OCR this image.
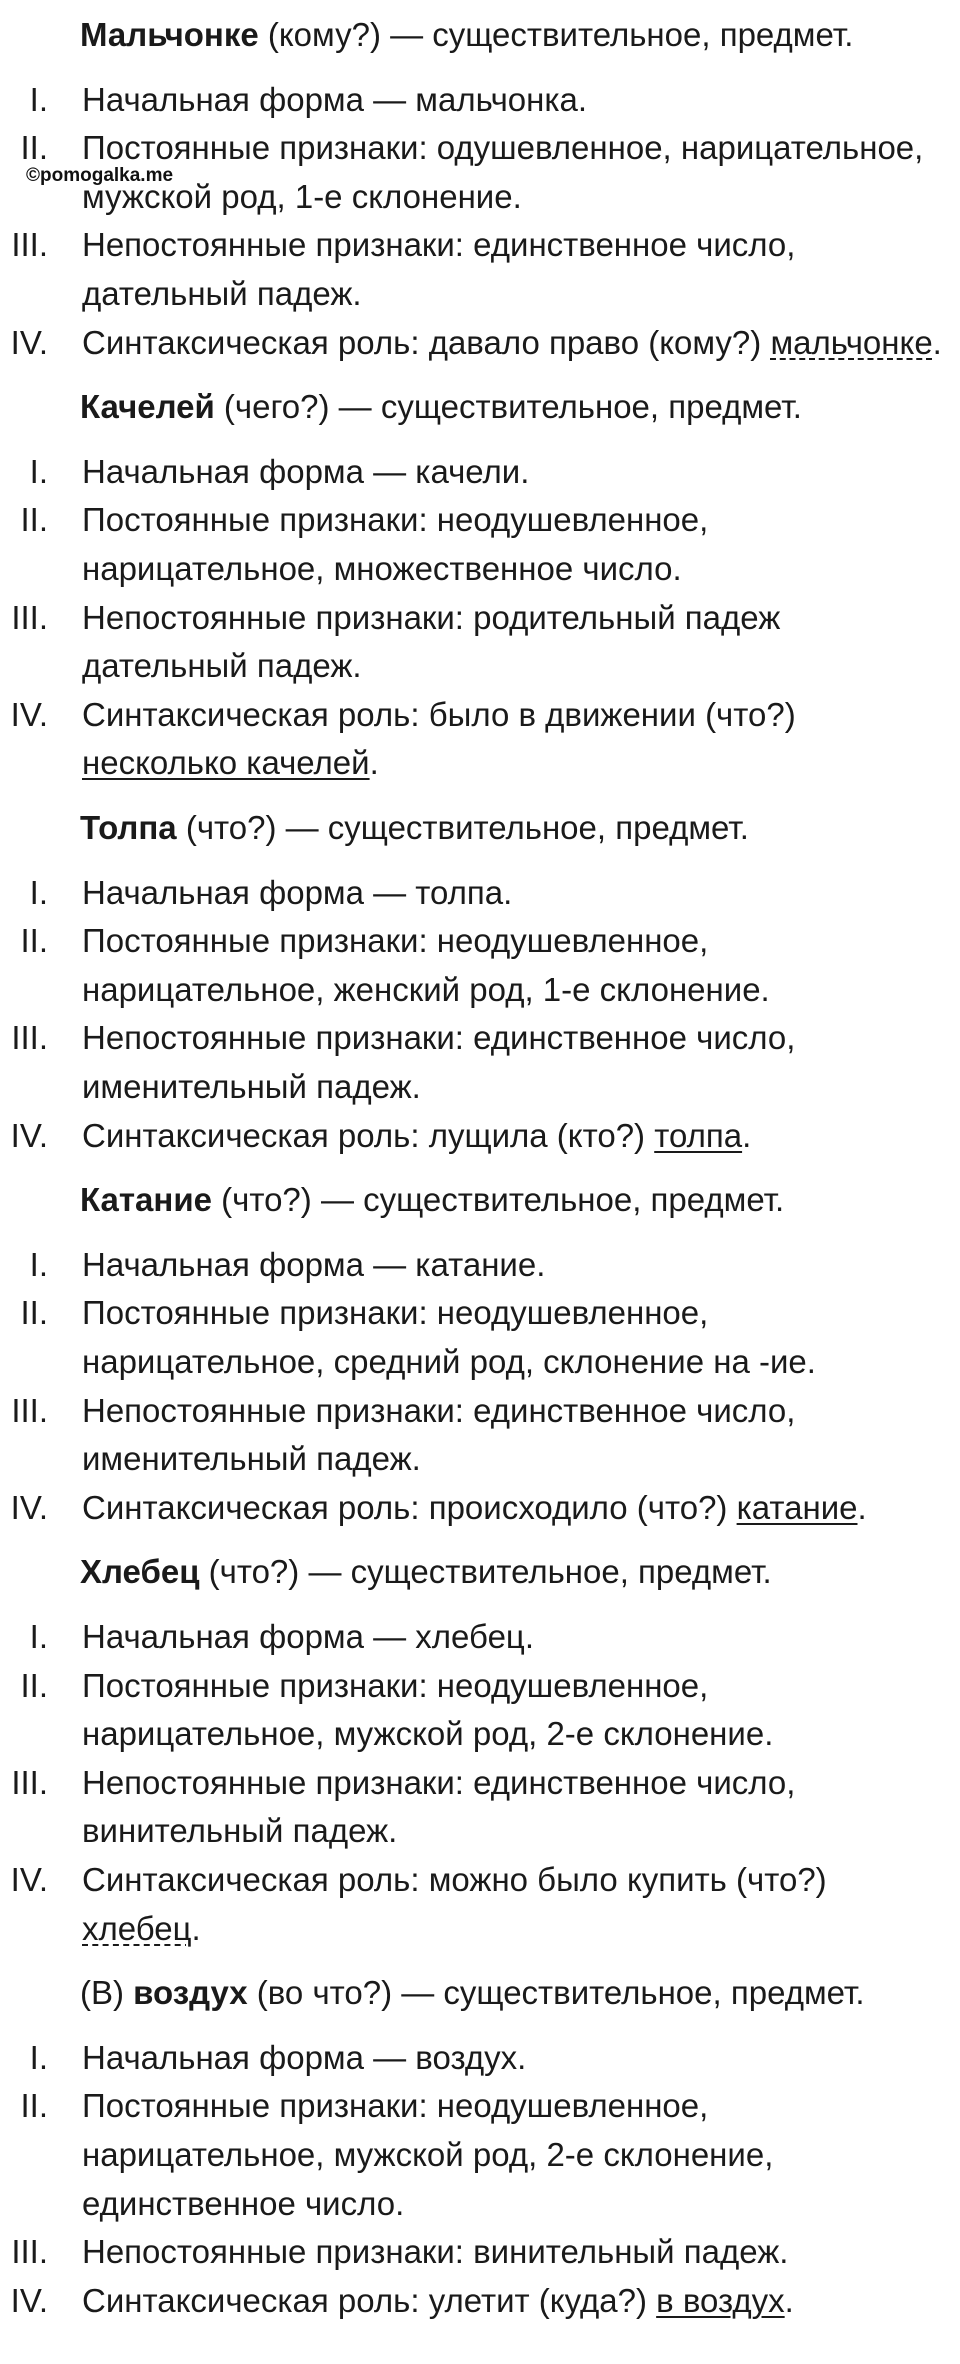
©pomogalka.me
Мальчонке (кому?) — существительное, предмет.
I. Начальная форма — мальчонка.
II. Постоянные признаки: одушевленное, нарицательное,
мужской род, 1-е склонение.
III. Непостоянные признаки: единственное число,
дательный падеж.
IV. Синтаксическая роль: давало право (кому?) мальчонке.
Качелей (чего?) — существительное, предмет.
I. Начальная форма — качели.
II. Постоянные признаки: неодушевленное,
нарицательное, множественное число.
III. Непостоянные признаки: родительный падеж
дательный падеж.
IV. Синтаксическая роль: было в движении (что?)
несколько качелей.
Толпа (что?) — существительное, предмет.
I. Начальная форма — толпа.
II. Постоянные признаки: неодушевленное,
нарицательное, женский род, 1-е склонение.
III. Непостоянные признаки: единственное число,
именительный падеж.
IV. Синтаксическая роль: лущила (кто?) толпа.
Катание (что?) — существительное, предмет.
I. Начальная форма — катание.
II. Постоянные признаки: неодушевленное,
нарицательное, средний род, склонение на -ие.
III. Непостоянные признаки: единственное число,
именительный падеж.
IV. Синтаксическая роль: происходило (что?) катание.
Хлебец (что?) — существительное, предмет.
I. Начальная форма — хлебец.
II. Постоянные признаки: неодушевленное,
нарицательное, мужской род, 2-е склонение.
III. Непостоянные признаки: единственное число,
винительный падеж.
IV. Синтаксическая роль: можно было купить (что?)
хлебец.
(В) воздух (во что?) — существительное, предмет.
I. Начальная форма — воздух.
II. Постоянные признаки: неодушевленное,
нарицательное, мужской род, 2-е склонение,
единственное число.
III. Непостоянные признаки: винительный падеж.
IV. Синтаксическая роль: улетит (куда?) в воздух.
